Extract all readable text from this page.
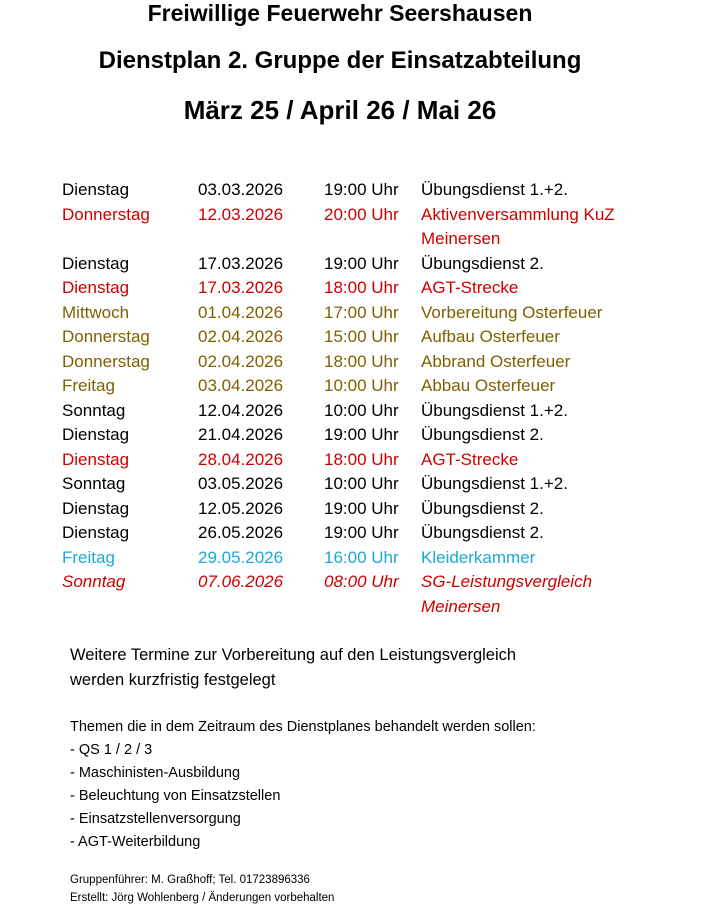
Freiwillige Feuerwehr Seershausen
Dienstplan 2. Gruppe der Einsatzabteilung
März 25 / April 26 / Mai 26
Dienstag	03.03.2026	19:00 Uhr	Übungsdienst 1.+2.
Donnerstag	12.03.2026	20:00 Uhr	Aktivenversammlung KuZ
Meinersen
Dienstag	17.03.2026	19:00 Uhr	Übungsdienst 2.
Dienstag	17.03.2026	18:00 Uhr	AGT-Strecke
Mittwoch	01.04.2026	17:00 Uhr	Vorbereitung Osterfeuer
Donnerstag	02.04.2026	15:00 Uhr	Aufbau Osterfeuer
Donnerstag	02.04.2026	18:00 Uhr	Abbrand Osterfeuer
Freitag	03.04.2026	10:00 Uhr	Abbau Osterfeuer
Sonntag	12.04.2026	10:00 Uhr	Übungsdienst 1.+2.
Dienstag	21.04.2026	19:00 Uhr	Übungsdienst 2.
Dienstag	28.04.2026	18:00 Uhr	AGT-Strecke
Sonntag	03.05.2026	10:00 Uhr	Übungsdienst 1.+2.
Dienstag	12.05.2026	19:00 Uhr	Übungsdienst 2.
Dienstag	26.05.2026	19:00 Uhr	Übungsdienst 2.
Freitag	29.05.2026	16:00 Uhr	Kleiderkammer
Sonntag	07.06.2026	08:00 Uhr	SG-Leistungsvergleich
Meinersen
Weitere Termine zur Vorbereitung auf den Leistungsvergleich
werden kurzfristig festgelegt
Themen die in dem Zeitraum des Dienstplanes behandelt werden sollen:
- QS 1 / 2 / 3
- Maschinisten-Ausbildung
- Beleuchtung von Einsatzstellen
- Einsatzstellenversorgung
- AGT-Weiterbildung
Gruppenführer: M. Graßhoff; Tel. 01723896336
Erstellt: Jörg Wohlenberg / Änderungen vorbehalten
